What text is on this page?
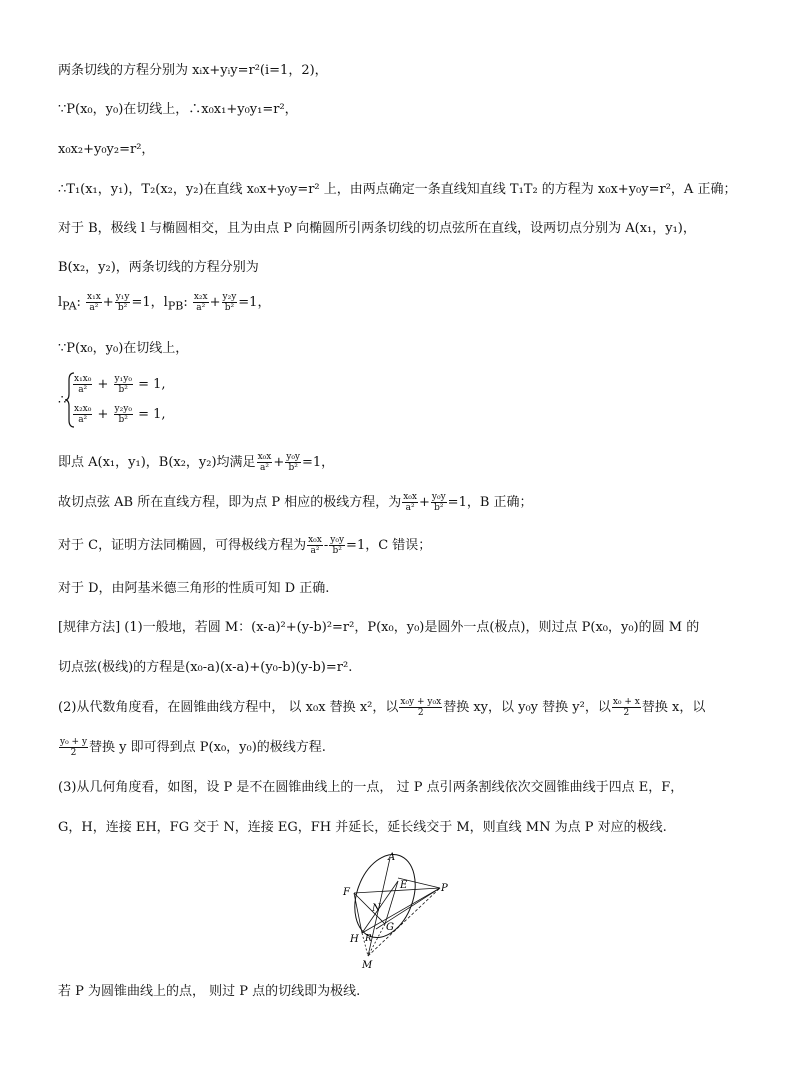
两条切线的方程分别为 xᵢx+yᵢy=r²(i=1，2)，
∵P(x₀，y₀)在切线上，∴x₀x₁+y₀y₁=r²，
x₀x₂+y₀y₂=r²，
∴T₁(x₁，y₁)，T₂(x₂，y₂)在直线 x₀x+y₀y=r² 上，由两点确定一条直线知直线 T₁T₂ 的方程为 x₀x+y₀y=r²，A 正确；
对于 B，极线 l 与椭圆相交，且为由点 P 向椭圆所引两条切线的切点弦所在直线，设两切点分别为 A(x₁，y₁)，
B(x₂，y₂)，两条切线的方程分别为
$l_{PA}$: $\frac{\text{x₁x}}{\text{a²}} + \frac{\text{y₁y}}{\text{b²}} =1$，$l_{PB}$: $\frac{\text{x₂x}}{\text{a²}} + \frac{\text{y₂y}}{\text{b²}} =1$，
∵P(x₀，y₀)在切线上，
∴
$\frac{\text{x₁x₀}}{\text{a²}} + \frac{\text{y₁y₀}}{\text{b²}} = 1$,
$\frac{\text{x₂x₀}}{\text{a²}} + \frac{\text{y₂y₀}}{\text{b²}} = 1$,
即点 A(x₁，y₁)，B(x₂，y₂)均满足 $\frac{\text{x₀x}}{\text{a²}} + \frac{\text{y₀y}}{\text{b²}} =1$，
故切点弦 AB 所在直线方程，即为点 P 相应的极线方程，为 $\frac{\text{x₀x}}{\text{a²}} + \frac{\text{y₀y}}{\text{b²}} =1$，B 正确；
对于 C，证明方法同椭圆，可得极线方程为 $\frac{\text{x₀x}}{\text{a²}} - \frac{\text{y₀y}}{\text{b²}} =1$，C 错误；
对于 D，由阿基米德三角形的性质可知 D 正确.
[规律方法] (1)一般地，若圆 M：(x-a)²+(y-b)²=r²，P(x₀，y₀)是圆外一点(极点)，则过点 P(x₀，y₀)的圆 M 的
切点弦(极线)的方程是(x₀-a)(x-a)+(y₀-b)(y-b)=r².
(2)从代数角度看，在圆锥曲线方程中， 以 x₀x 替换 x²，以 $\frac{\text{x₀y + y₀x}}{2}$ 替换 xy，以 y₀y 替换 y²，以 $\frac{\text{x₀ + x}}{2}$ 替换 x，以
$\frac{\text{y₀ + y}}{2}$ 替换 y 即可得到点 P(x₀，y₀)的极线方程.
(3)从几何角度看，如图，设 P 是不在圆锥曲线上的一点， 过 P 点引两条割线依次交圆锥曲线于四点 E，F，
G，H，连接 EH，FG 交于 N，连接 EG，FH 并延长，延长线交于 M，则直线 MN 为点 P 对应的极线.
A
E	P
F
N
G
H R
M
若 P 为圆锥曲线上的点， 则过 P 点的切线即为极线.
